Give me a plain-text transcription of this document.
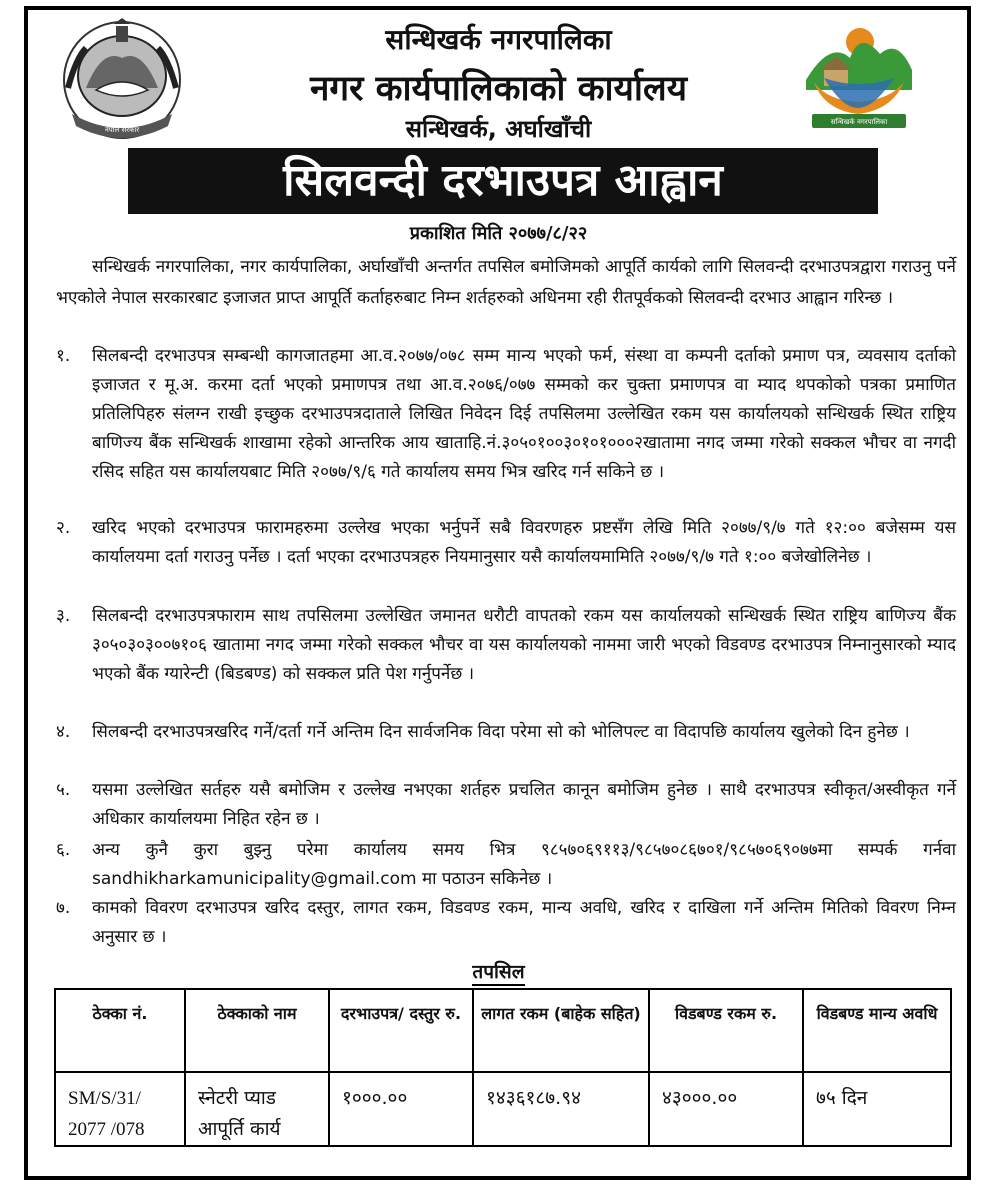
नेपाल सरकार
सन्धिखर्क नगरपालिका
सन्धिखर्क नगरपालिका
नगर कार्यपालिकाको कार्यालय
सन्धिखर्क, अर्घाखाँची
सिलवन्दी दरभाउपत्र आह्वान
प्रकाशित मिति २०७७/८/२२

सन्धिखर्क नगरपालिका, नगर कार्यपालिका, अर्घाखाँची अन्तर्गत तपसिल बमोजिमको आपूर्ति कार्यको लागि सिलवन्दी दरभाउपत्रद्वारा गराउनु पर्ने भएकोले नेपाल सरकारबाट इजाजत प्राप्त आपूर्ति कर्ताहरुबाट निम्न शर्तहरुको अधिनमा रही रीतपूर्वकको सिलवन्दी दरभाउ आह्वान गरिन्छ ।

१.	सिलबन्दी दरभाउपत्र सम्बन्धी कागजातहमा आ.व.२०७७/०७८ सम्म मान्य भएको फर्म, संस्था वा कम्पनी दर्ताको प्रमाण पत्र, व्यवसाय दर्ताको इजाजत र मू.अ. करमा दर्ता भएको प्रमाणपत्र तथा आ.व.२०७६/०७७ सम्मको कर चुक्ता प्रमाणपत्र वा म्याद थपकोको पत्रका प्रमाणित प्रतिलिपिहरु संलग्न राखी इच्छुक दरभाउपत्रदाताले लिखित निवेदन दिई तपसिलमा उल्लेखित रकम यस कार्यालयको सन्धिखर्क स्थित राष्ट्रिय बाणिज्य बैंक सन्धिखर्क शाखामा रहेको आन्तरिक आय खाताहि.नं.३०५०१००३०१०१०००२खातामा नगद जम्मा गरेको सक्कल भौचर वा नगदी रसिद सहित यस कार्यालयबाट मिति २०७७/९/६ गते कार्यालय समय भित्र खरिद गर्न सकिने छ ।
२.	खरिद भएको दरभाउपत्र फारामहरुमा उल्लेख भएका भर्नुपर्ने सबै विवरणहरु प्रष्टसँग लेखि मिति २०७७/९/७ गते १२:०० बजेसम्म यस कार्यालयमा दर्ता गराउनु पर्नेछ । दर्ता भएका दरभाउपत्रहरु नियमानुसार यसै कार्यालयमामिति २०७७/९/७ गते १:०० बजेखोलिनेछ ।
३.	सिलबन्दी दरभाउपत्रफाराम साथ तपसिलमा उल्लेखित जमानत धरौटी वापतको रकम यस कार्यालयको सन्धिखर्क स्थित राष्ट्रिय बाणिज्य बैंक ३०५०३०३००७१०६ खातामा नगद जम्मा गरेको सक्कल भौचर वा यस कार्यालयको नाममा जारी भएको विडवण्ड दरभाउपत्र निम्नानुसारको म्याद भएको बैंक ग्यारेन्टी (बिडबण्ड) को सक्कल प्रति पेश गर्नुपर्नेछ ।
४.	सिलबन्दी दरभाउपत्रखरिद गर्ने/दर्ता गर्ने अन्तिम दिन सार्वजनिक विदा परेमा सो को भोलिपल्ट वा विदापछि कार्यालय खुलेको दिन हुनेछ ।
५.	यसमा उल्लेखित सर्तहरु यसै बमोजिम र उल्लेख नभएका शर्तहरु प्रचलित कानून बमोजिम हुनेछ । साथै दरभाउपत्र स्वीकृत/अस्वीकृत गर्ने अधिकार कार्यालयमा निहित रहेन छ ।
६.	अन्य कुनै कुरा बुझ्नु परेमा कार्यालय समय भित्र ९८५७०६९११३/९८५७०८६७०१/९८५७०६९०७७मा सम्पर्क गर्नवा sandhikharkamunicipality@gmail.com मा पठाउन सकिनेछ ।
७.	कामको विवरण दरभाउपत्र खरिद दस्तुर, लागत रकम, विडवण्ड रकम, मान्य अवधि, खरिद र दाखिला गर्ने अन्तिम मितिको विवरण निम्न अनुसार छ ।
तपसिल
ठेक्का नं.	ठेक्काको नाम	दरभाउपत्र/ दस्तुर रु.	लागत रकम (बाहेक सहित)	विडबण्ड रकम रु.	विडबण्ड मान्य अवधि
SM/S/31/ 2077 /078	स्नेटरी प्याड आपूर्ति कार्य	१०००.००	१४३६१८७.९४	४३०००.००	७५ दिन
